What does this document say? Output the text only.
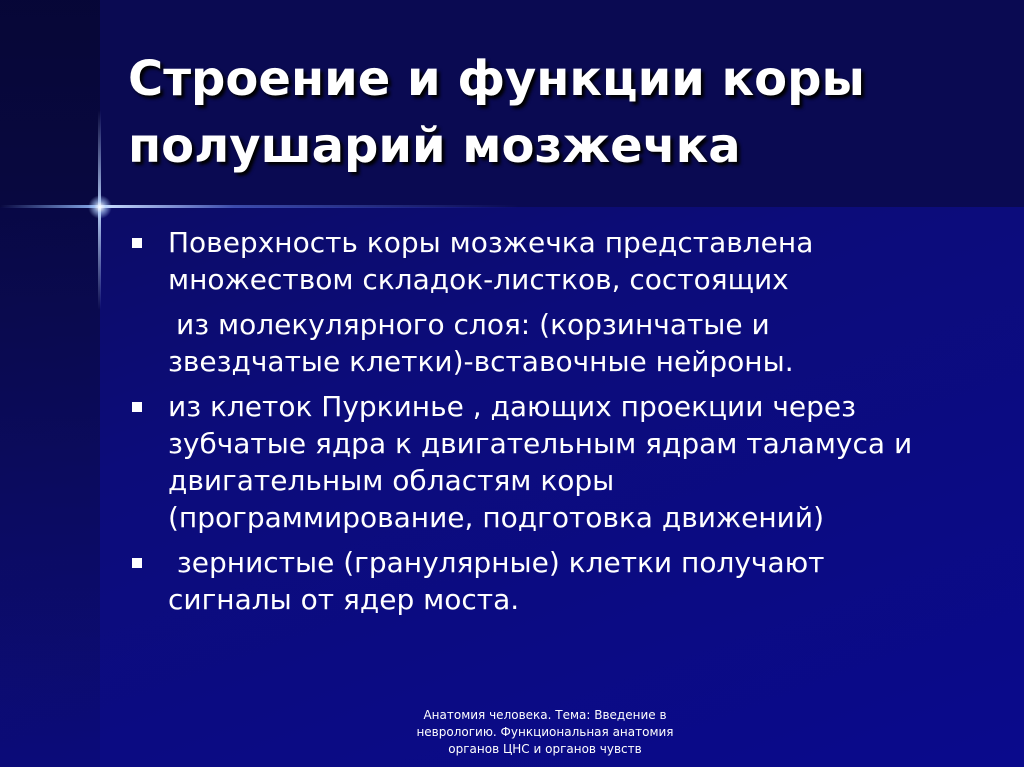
Строение и функции коры
полушарий мозжечка
Поверхность коры мозжечка представлена
множеством складок-листков, состоящих
из молекулярного слоя: (корзинчатые и
звездчатые клетки)-вставочные нейроны.
из клеток Пуркинье , дающих проекции через
зубчатые ядра к двигательным ядрам таламуса и
двигательным областям коры
(программирование, подготовка движений)
зернистые (гранулярные) клетки получают
сигналы от ядер моста.
Анатомия человека. Тема: Введение в
неврологию. Функциональная анатомия
органов ЦНС и органов чувств
